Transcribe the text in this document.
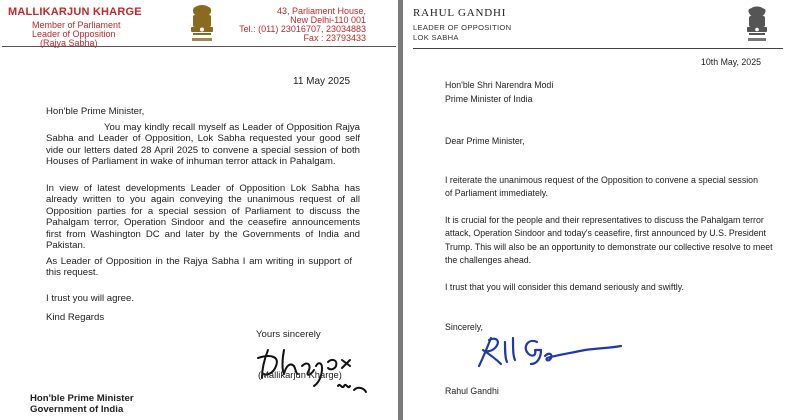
MALLIKARJUN KHARGE
Member of Parliament
Leader of Opposition
(Rajya Sabha)
43, Parliament House,
New Delhi-110 001
Tel.: (011) 23016707, 23034883
Fax : 23793433
11 May 2025
Hon'ble Prime Minister,
You may kindly recall myself as Leader of Opposition Rajya Sabha and Leader of Opposition, Lok Sabha requested your good self vide our letters dated 28 April 2025 to convene a special session of both Houses of Parliament in wake of inhuman terror attack in Pahalgam.
In view of latest developments Leader of Opposition Lok Sabha has already written to you again conveying the unanimous request of all Opposition parties for a special session of Parliament to discuss the Pahalgam terror, Operation Sindoor and the ceasefire announcements first from Washington DC and later by the Governments of India and Pakistan.
As Leader of Opposition in the Rajya Sabha I am writing in support of this request.
I trust you will agree.
Kind Regards
Yours sincerely
(Mallikarjun Kharge)
Hon'ble Prime Minister
Government of India
RAHUL GANDHI
LEADER OF OPPOSITION
LOK SABHA
10th May, 2025
Hon'ble Shri Narendra Modi
Prime Minister of India
Dear Prime Minister,
I reiterate the unanimous request of the Opposition to convene a special session of Parliament immediately.
It is crucial for the people and their representatives to discuss the Pahalgam terror attack, Operation Sindoor and today's ceasefire, first announced by U.S. President Trump. This will also be an opportunity to demonstrate our collective resolve to meet the challenges ahead.
I trust that you will consider this demand seriously and swiftly.
Sincerely,
Rahul Gandhi
